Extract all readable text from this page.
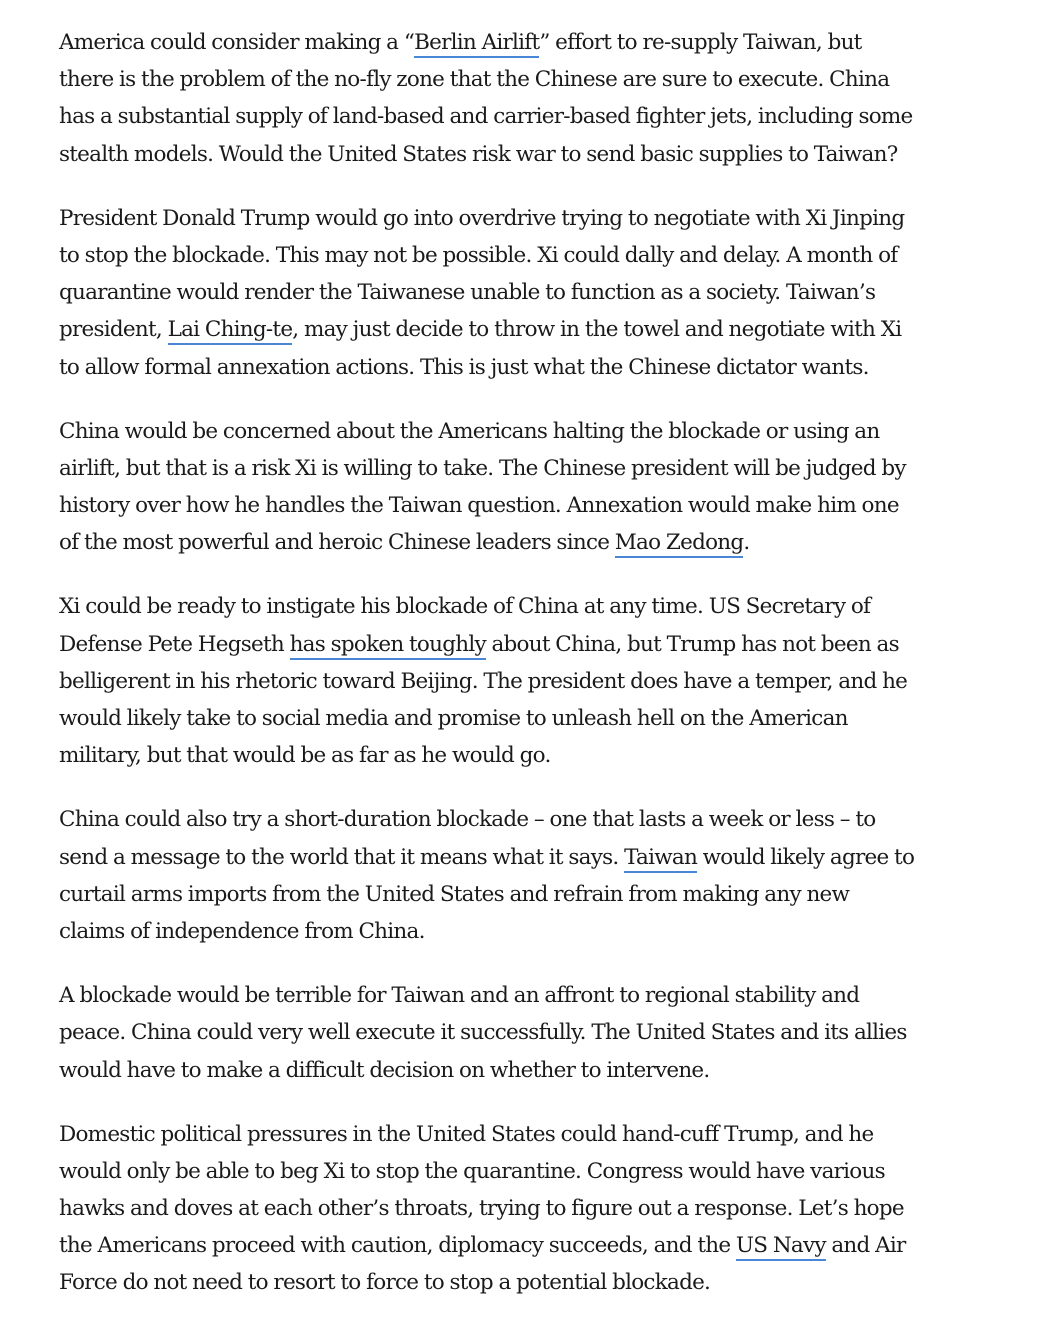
America could consider making a “Berlin Airlift” effort to re-supply Taiwan, but
there is the problem of the no-fly zone that the Chinese are sure to execute. China
has a substantial supply of land-based and carrier-based fighter jets, including some
stealth models. Would the United States risk war to send basic supplies to Taiwan?

President Donald Trump would go into overdrive trying to negotiate with Xi Jinping
to stop the blockade. This may not be possible. Xi could dally and delay. A month of
quarantine would render the Taiwanese unable to function as a society. Taiwan’s
president, Lai Ching-te, may just decide to throw in the towel and negotiate with Xi
to allow formal annexation actions. This is just what the Chinese dictator wants.

China would be concerned about the Americans halting the blockade or using an
airlift, but that is a risk Xi is willing to take. The Chinese president will be judged by
history over how he handles the Taiwan question. Annexation would make him one
of the most powerful and heroic Chinese leaders since Mao Zedong.

Xi could be ready to instigate his blockade of China at any time. US Secretary of
Defense Pete Hegseth has spoken toughly about China, but Trump has not been as
belligerent in his rhetoric toward Beijing. The president does have a temper, and he
would likely take to social media and promise to unleash hell on the American
military, but that would be as far as he would go.

China could also try a short-duration blockade – one that lasts a week or less – to
send a message to the world that it means what it says. Taiwan would likely agree to
curtail arms imports from the United States and refrain from making any new
claims of independence from China.

A blockade would be terrible for Taiwan and an affront to regional stability and
peace. China could very well execute it successfully. The United States and its allies
would have to make a difficult decision on whether to intervene.

Domestic political pressures in the United States could hand-cuff Trump, and he
would only be able to beg Xi to stop the quarantine. Congress would have various
hawks and doves at each other’s throats, trying to figure out a response. Let’s hope
the Americans proceed with caution, diplomacy succeeds, and the US Navy and Air
Force do not need to resort to force to stop a potential blockade.
